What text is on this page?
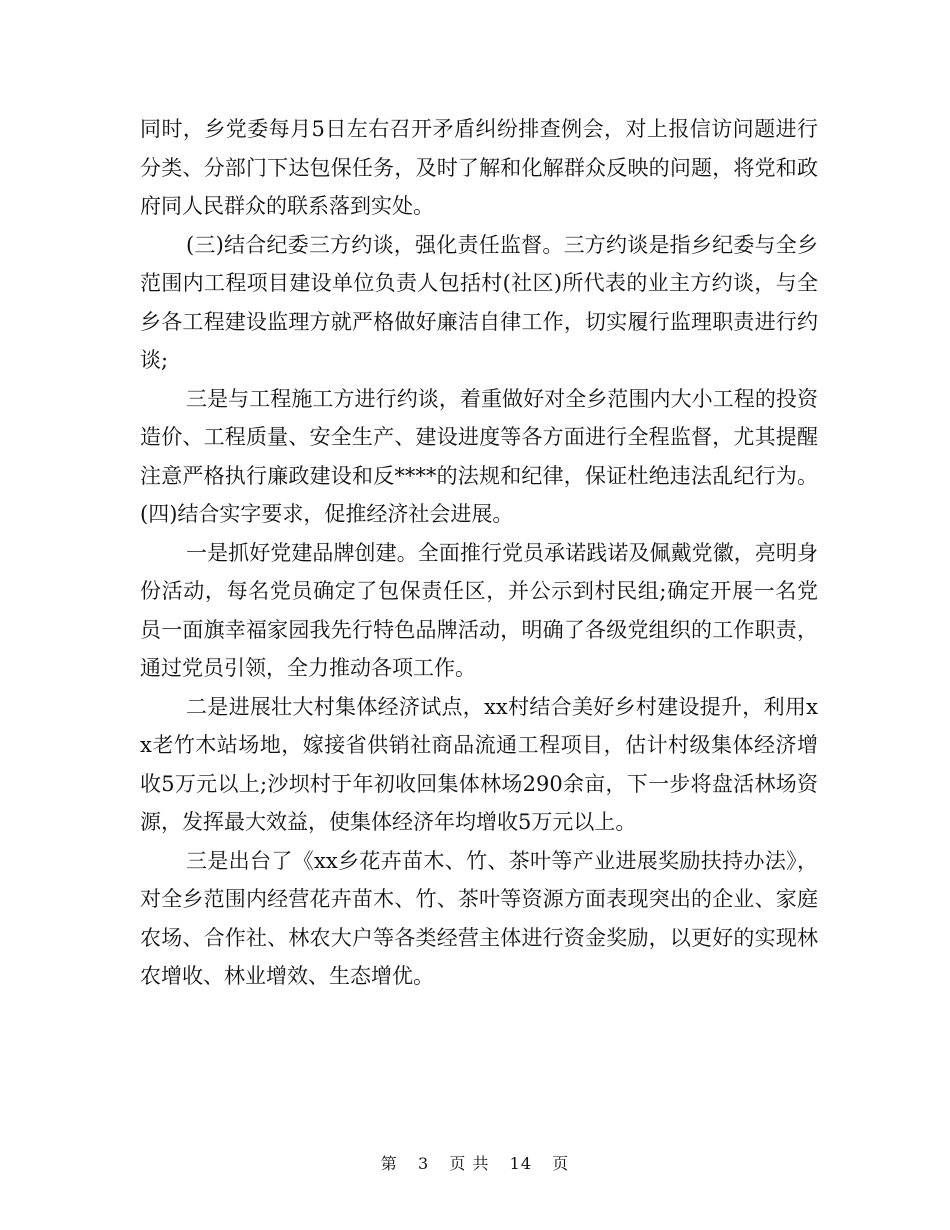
同时，乡党委每月5日左右召开矛盾纠纷排查例会，对上报信访问题进行分类、分部门下达包保任务，及时了解和化解群众反映的问题，将党和政府同人民群众的联系落到实处。

(三)结合纪委三方约谈，强化责任监督。三方约谈是指乡纪委与全乡范围内工程项目建设单位负责人包括村(社区)所代表的业主方约谈，与全乡各工程建设监理方就严格做好廉洁自律工作，切实履行监理职责进行约谈;

三是与工程施工方进行约谈，着重做好对全乡范围内大小工程的投资造价、工程质量、安全生产、建设进度等各方面进行全程监督，尤其提醒注意严格执行廉政建设和反****的法规和纪律，保证杜绝违法乱纪行为。(四)结合实字要求，促推经济社会进展。

一是抓好党建品牌创建。全面推行党员承诺践诺及佩戴党徽，亮明身份活动，每名党员确定了包保责任区，并公示到村民组;确定开展一名党员一面旗幸福家园我先行特色品牌活动，明确了各级党组织的工作职责，通过党员引领，全力推动各项工作。

二是进展壮大村集体经济试点，xx村结合美好乡村建设提升，利用xx老竹木站场地，嫁接省供销社商品流通工程项目，估计村级集体经济增收5万元以上;沙坝村于年初收回集体林场290余亩，下一步将盘活林场资源，发挥最大效益，使集体经济年均增收5万元以上。

三是出台了《xx乡花卉苗木、竹、茶叶等产业进展奖励扶持办法》，对全乡范围内经营花卉苗木、竹、茶叶等资源方面表现突出的企业、家庭农场、合作社、林农大户等各类经营主体进行资金奖励，以更好的实现林农增收、林业增效、生态增优。

第 3 页 共 14 页
